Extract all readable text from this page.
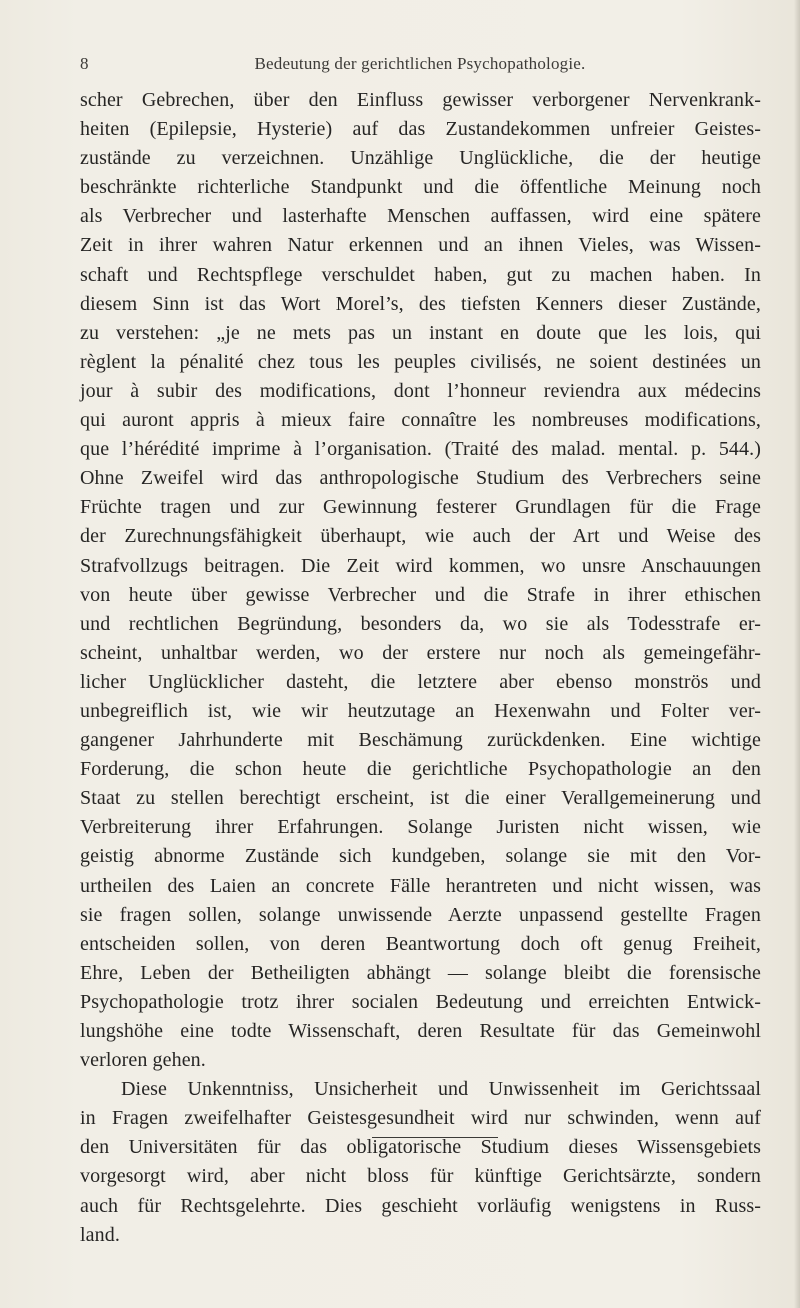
8	Bedeutung der gerichtlichen Psychopathologie.
scher Gebrechen, über den Einfluss gewisser verborgener Nervenkrank-
heiten (Epilepsie, Hysterie) auf das Zustandekommen unfreier Geistes-
zustände zu verzeichnen. Unzählige Unglückliche, die der heutige
beschränkte richterliche Standpunkt und die öffentliche Meinung noch
als Verbrecher und lasterhafte Menschen auffassen, wird eine spätere
Zeit in ihrer wahren Natur erkennen und an ihnen Vieles, was Wissen-
schaft und Rechtspflege verschuldet haben, gut zu machen haben. In
diesem Sinn ist das Wort Morel’s, des tiefsten Kenners dieser Zustände,
zu verstehen: „je ne mets pas un instant en doute que les lois, qui
règlent la pénalité chez tous les peuples civilisés, ne soient destinées un
jour à subir des modifications, dont l’honneur reviendra aux médecins
qui auront appris à mieux faire connaître les nombreuses modifications,
que l’hérédité imprime à l’organisation. (Traité des malad. mental. p. 544.)
Ohne Zweifel wird das anthropologische Studium des Verbrechers seine
Früchte tragen und zur Gewinnung festerer Grundlagen für die Frage
der Zurechnungsfähigkeit überhaupt, wie auch der Art und Weise des
Strafvollzugs beitragen. Die Zeit wird kommen, wo unsre Anschauungen
von heute über gewisse Verbrecher und die Strafe in ihrer ethischen
und rechtlichen Begründung, besonders da, wo sie als Todesstrafe er-
scheint, unhaltbar werden, wo der erstere nur noch als gemeingefähr-
licher Unglücklicher dasteht, die letztere aber ebenso monströs und
unbegreiflich ist, wie wir heutzutage an Hexenwahn und Folter ver-
gangener Jahrhunderte mit Beschämung zurückdenken. Eine wichtige
Forderung, die schon heute die gerichtliche Psychopathologie an den
Staat zu stellen berechtigt erscheint, ist die einer Verallgemeinerung und
Verbreiterung ihrer Erfahrungen. Solange Juristen nicht wissen, wie
geistig abnorme Zustände sich kundgeben, solange sie mit den Vor-
urtheilen des Laien an concrete Fälle herantreten und nicht wissen, was
sie fragen sollen, solange unwissende Aerzte unpassend gestellte Fragen
entscheiden sollen, von deren Beantwortung doch oft genug Freiheit,
Ehre, Leben der Betheiligten abhängt — solange bleibt die forensische
Psychopathologie trotz ihrer socialen Bedeutung und erreichten Entwick-
lungshöhe eine todte Wissenschaft, deren Resultate für das Gemeinwohl
verloren gehen.
Diese Unkenntniss, Unsicherheit und Unwissenheit im Gerichtssaal
in Fragen zweifelhafter Geistesgesundheit wird nur schwinden, wenn auf
den Universitäten für das obligatorische Studium dieses Wissensgebiets
vorgesorgt wird, aber nicht bloss für künftige Gerichtsärzte, sondern
auch für Rechtsgelehrte. Dies geschieht vorläufig wenigstens in Russ-
land.
